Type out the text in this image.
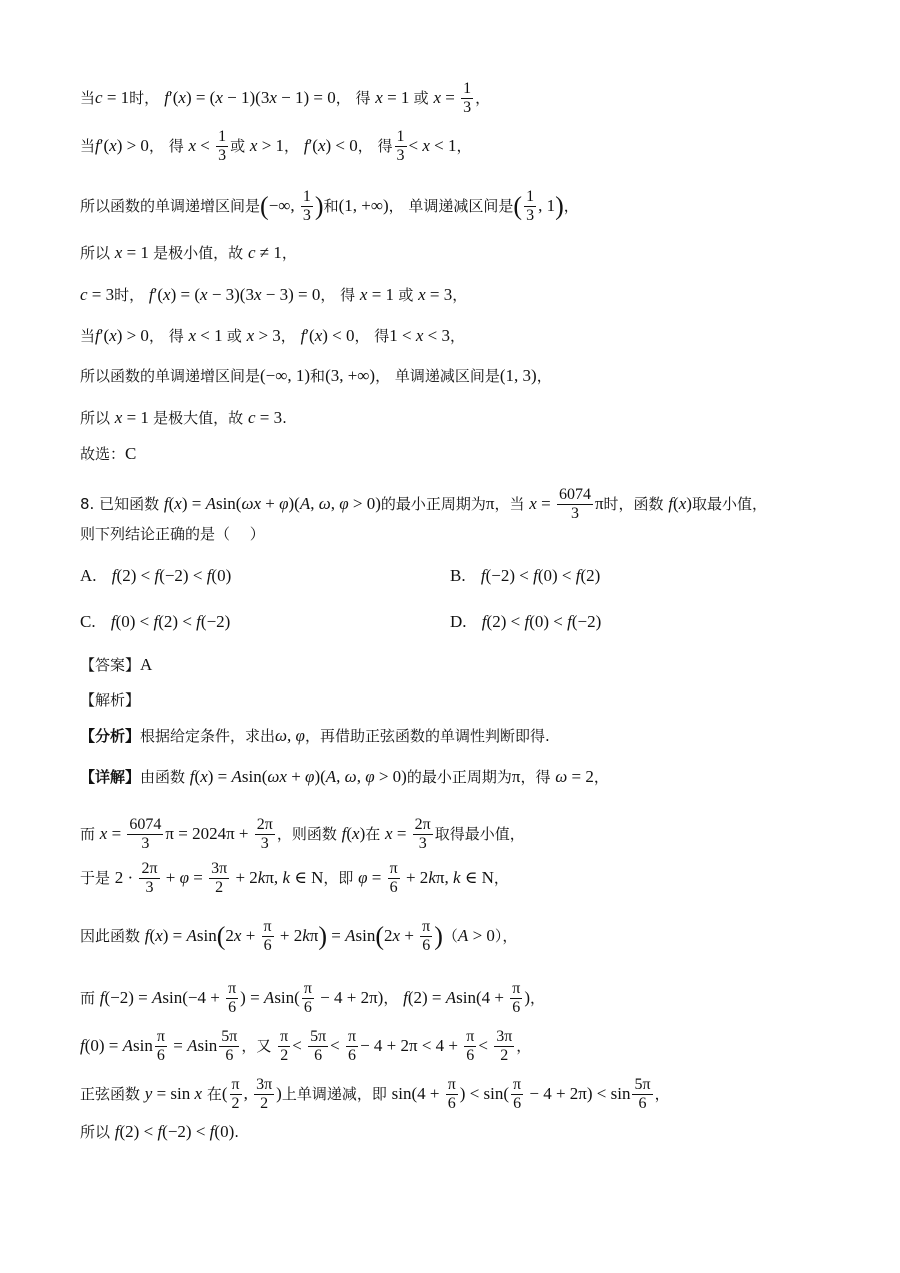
当c = 1时， f′(x) = (x − 1)(3x − 1) = 0， 得 x = 1 或 $x = \frac{1}{3}$ ，
当f′(x) > 0， 得 $x < \frac{1}{3}$ 或 x > 1， f′(x) < 0， 得 $\frac{1}{3} < x < 1$，
所以函数的单调递增区间是(−∞, $\frac{1}{3}$ )和(1, +∞)， 单调递减区间是( $\frac{1}{3}$ , 1)，
所以 x = 1 是极小值，故 c ≠ 1，
c = 3时， f′(x) = (x − 3)(3x − 3) = 0， 得 x = 1 或 x = 3，
当f′(x) > 0， 得 x < 1 或 x > 3， f′(x) < 0， 得1 < x < 3，
所以函数的单调递增区间是(−∞, 1)和(3, +∞)， 单调递减区间是(1, 3)，
所以 x = 1 是极大值，故 c = 3.
故选：C
8. 已知函数 f(x) = Asin(ωx + φ)(A, ω, φ > 0)的最小正周期为π，当 $x = \frac{6074}{3}$ π时，函数 f(x)取最小值，
则下列结论正确的是（　 ）
A. f(2) < f(−2) < f(0)	B. f(−2) < f(0) < f(2)
C. f(0) < f(2) < f(−2)	D. f(2) < f(0) < f(−2)
【答案】A
【解析】
【分析】根据给定条件，求出ω, φ，再借助正弦函数的单调性判断即得.
【详解】由函数 f(x) = Asin(ωx + φ)(A, ω, φ > 0)的最小正周期为π，得 ω = 2，
而 $x = \frac{6074}{3}$ $\pi = 2024\pi + \frac{2\pi}{3}$ ，则函数 f(x)在 $x = \frac{2\pi}{3}$ 取得最小值，
于是 $2 \cdot \frac{2\pi}{3} + \varphi = \frac{3\pi}{2} + 2k\pi$, k ∈ N，即 $\varphi = \frac{\pi}{6} + 2k\pi$, k ∈ N，
因此函数 $f(x) = Asin(2x + \frac{\pi}{6} + 2k\pi) = Asin(2x + \frac{\pi}{6} )(A > 0)$，
而 $f(-2) = Asin(-4 + \frac{\pi}{6}$ ) = $Asin( \frac{\pi}{6} - 4 + 2\pi)$， $f(2) = Asin(4 + \frac{\pi}{6}$ )，
f(0) = Asin $\frac{\pi}{6} = Asin \frac{5\pi}{6}$ ，又 $\frac{\pi}{2} < \frac{5\pi}{6} < \frac{\pi}{6} - 4 + 2\pi < 4 + \frac{\pi}{6} < \frac{3\pi}{2}$ ，
正弦函数 y = sin x 在( $\frac{\pi}{2}$ , $\frac{3\pi}{2}$ )上单调递减，即 $\sin(4 + \frac{\pi}{6}$ ) < $\sin( \frac{\pi}{6} - 4 + 2\pi) < \sin \frac{5\pi}{6}$ ，
所以 f(2) < f(−2) < f(0).
